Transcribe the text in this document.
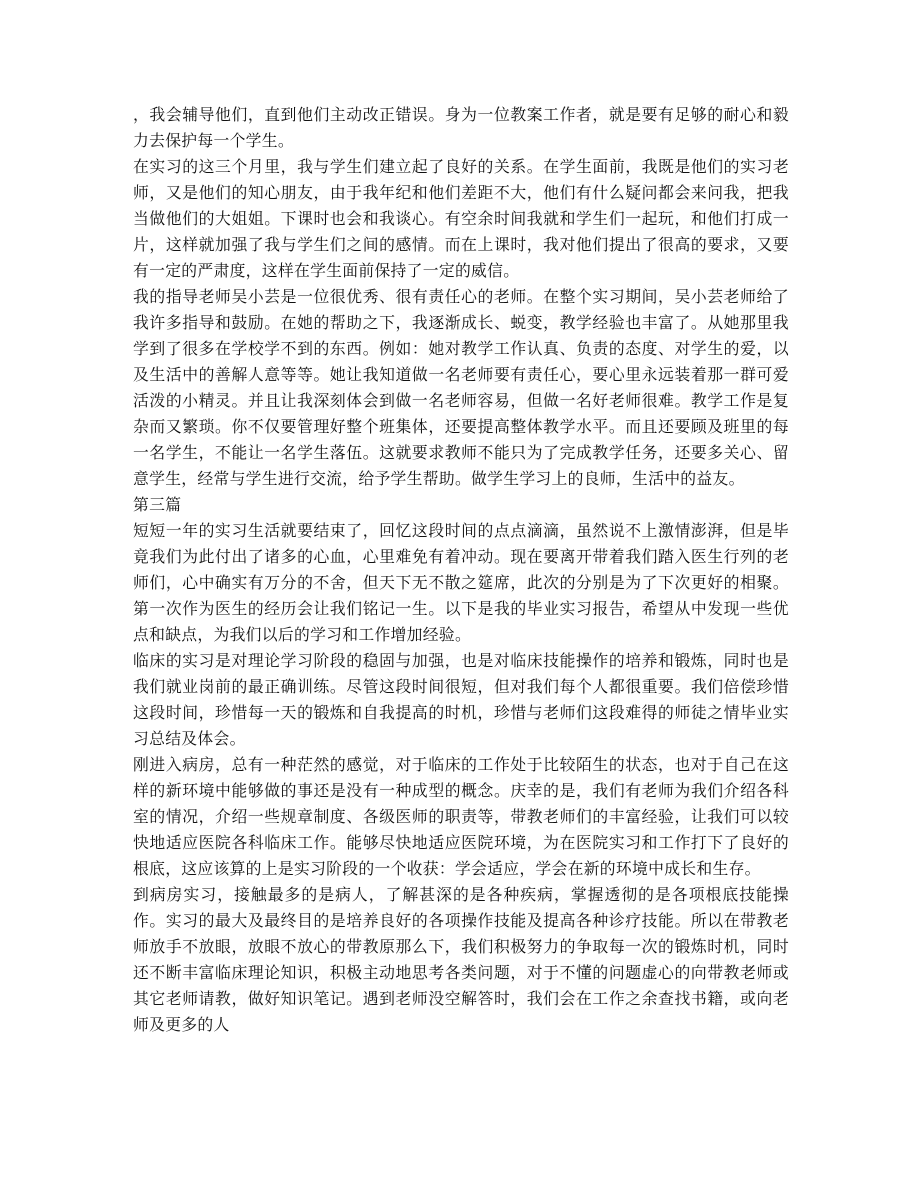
，我会辅导他们，直到他们主动改正错误。身为一位教案工作者，就是要有足够的耐心和毅力去保护每一个学生。

在实习的这三个月里，我与学生们建立起了良好的关系。在学生面前，我既是他们的实习老师，又是他们的知心朋友，由于我年纪和他们差距不大，他们有什么疑问都会来问我，把我当做他们的大姐姐。下课时也会和我谈心。有空余时间我就和学生们一起玩，和他们打成一片，这样就加强了我与学生们之间的感情。而在上课时，我对他们提出了很高的要求，又要有一定的严肃度，这样在学生面前保持了一定的威信。

我的指导老师吴小芸是一位很优秀、很有责任心的老师。在整个实习期间，吴小芸老师给了我许多指导和鼓励。在她的帮助之下，我逐渐成长、蜕变，教学经验也丰富了。从她那里我学到了很多在学校学不到的东西。例如：她对教学工作认真、负责的态度、对学生的爱，以及生活中的善解人意等等。她让我知道做一名老师要有责任心，要心里永远装着那一群可爱活泼的小精灵。并且让我深刻体会到做一名老师容易，但做一名好老师很难。教学工作是复杂而又繁琐。你不仅要管理好整个班集体，还要提高整体教学水平。而且还要顾及班里的每一名学生，不能让一名学生落伍。这就要求教师不能只为了完成教学任务，还要多关心、留意学生，经常与学生进行交流，给予学生帮助。做学生学习上的良师，生活中的益友。

第三篇

短短一年的实习生活就要结束了，回忆这段时间的点点滴滴，虽然说不上激情澎湃，但是毕竟我们为此付出了诸多的心血，心里难免有着冲动。现在要离开带着我们踏入医生行列的老师们，心中确实有万分的不舍，但天下无不散之筵席，此次的分别是为了下次更好的相聚。第一次作为医生的经历会让我们铭记一生。以下是我的毕业实习报告，希望从中发现一些优点和缺点，为我们以后的学习和工作增加经验。

临床的实习是对理论学习阶段的稳固与加强，也是对临床技能操作的培养和锻炼，同时也是我们就业岗前的最正确训练。尽管这段时间很短，但对我们每个人都很重要。我们倍偿珍惜这段时间，珍惜每一天的锻炼和自我提高的时机，珍惜与老师们这段难得的师徒之情毕业实习总结及体会。

刚进入病房，总有一种茫然的感觉，对于临床的工作处于比较陌生的状态，也对于自己在这样的新环境中能够做的事还是没有一种成型的概念。庆幸的是，我们有老师为我们介绍各科室的情况，介绍一些规章制度、各级医师的职责等，带教老师们的丰富经验，让我们可以较快地适应医院各科临床工作。能够尽快地适应医院环境，为在医院实习和工作打下了良好的根底，这应该算的上是实习阶段的一个收获：学会适应，学会在新的环境中成长和生存。

到病房实习，接触最多的是病人，了解甚深的是各种疾病，掌握透彻的是各项根底技能操作。实习的最大及最终目的是培养良好的各项操作技能及提高各种诊疗技能。所以在带教老师放手不放眼，放眼不放心的带教原那么下，我们积极努力的争取每一次的锻炼时机，同时还不断丰富临床理论知识，积极主动地思考各类问题，对于不懂的问题虚心的向带教老师或其它老师请教，做好知识笔记。遇到老师没空解答时，我们会在工作之余查找书籍，或向老师及更多的人
